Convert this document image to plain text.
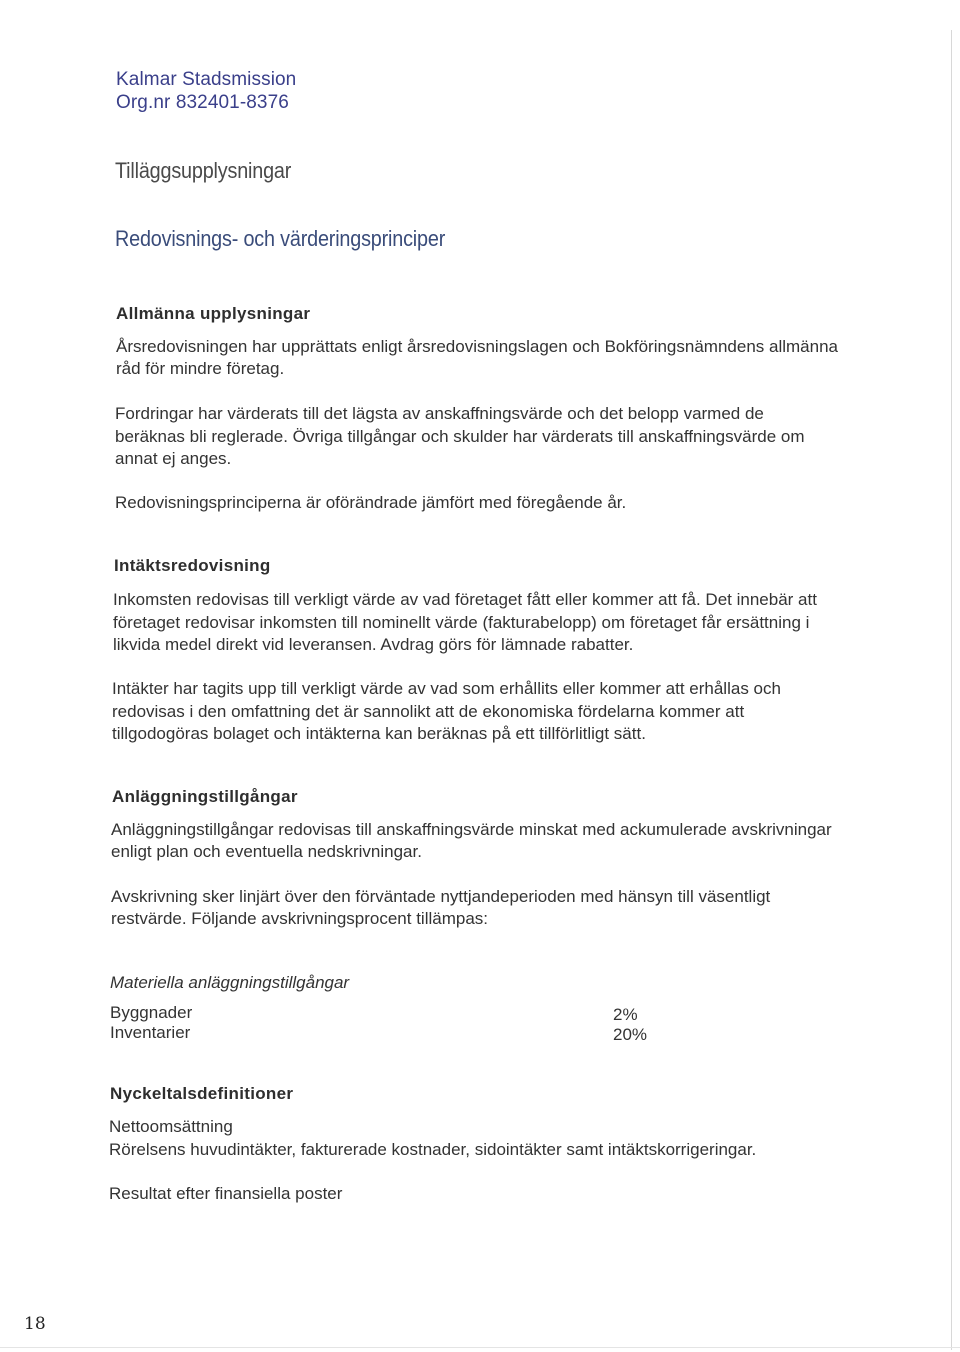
Kalmar Stadsmission
Org.nr 832401-8376
Tilläggsupplysningar
Redovisnings- och värderingsprinciper
Allmänna upplysningar
Årsredovisningen har upprättats enligt årsredovisningslagen och Bokföringsnämndens allmänna
råd för mindre företag.
Fordringar har värderats till det lägsta av anskaffningsvärde och det belopp varmed de
beräknas bli reglerade. Övriga tillgångar och skulder har värderats till anskaffningsvärde om
annat ej anges.
Redovisningsprinciperna är oförändrade jämfört med föregående år.
Intäktsredovisning
Inkomsten redovisas till verkligt värde av vad företaget fått eller kommer att få. Det innebär att
företaget redovisar inkomsten till nominellt värde (fakturabelopp) om företaget får ersättning i
likvida medel direkt vid leveransen. Avdrag görs för lämnade rabatter.
Intäkter har tagits upp till verkligt värde av vad som erhållits eller kommer att erhållas och
redovisas i den omfattning det är sannolikt att de ekonomiska fördelarna kommer att
tillgodogöras bolaget och intäkterna kan beräknas på ett tillförlitligt sätt.
Anläggningstillgångar
Anläggningstillgångar redovisas till anskaffningsvärde minskat med ackumulerade avskrivningar
enligt plan och eventuella nedskrivningar.
Avskrivning sker linjärt över den förväntade nyttjandeperioden med hänsyn till väsentligt
restvärde. Följande avskrivningsprocent tillämpas:
Materiella anläggningstillgångar
Byggnader	2%
Inventarier	20%
Nyckeltalsdefinitioner
Nettoomsättning
Rörelsens huvudintäkter, fakturerade kostnader, sidointäkter samt intäktskorrigeringar.
Resultat efter finansiella poster
18
